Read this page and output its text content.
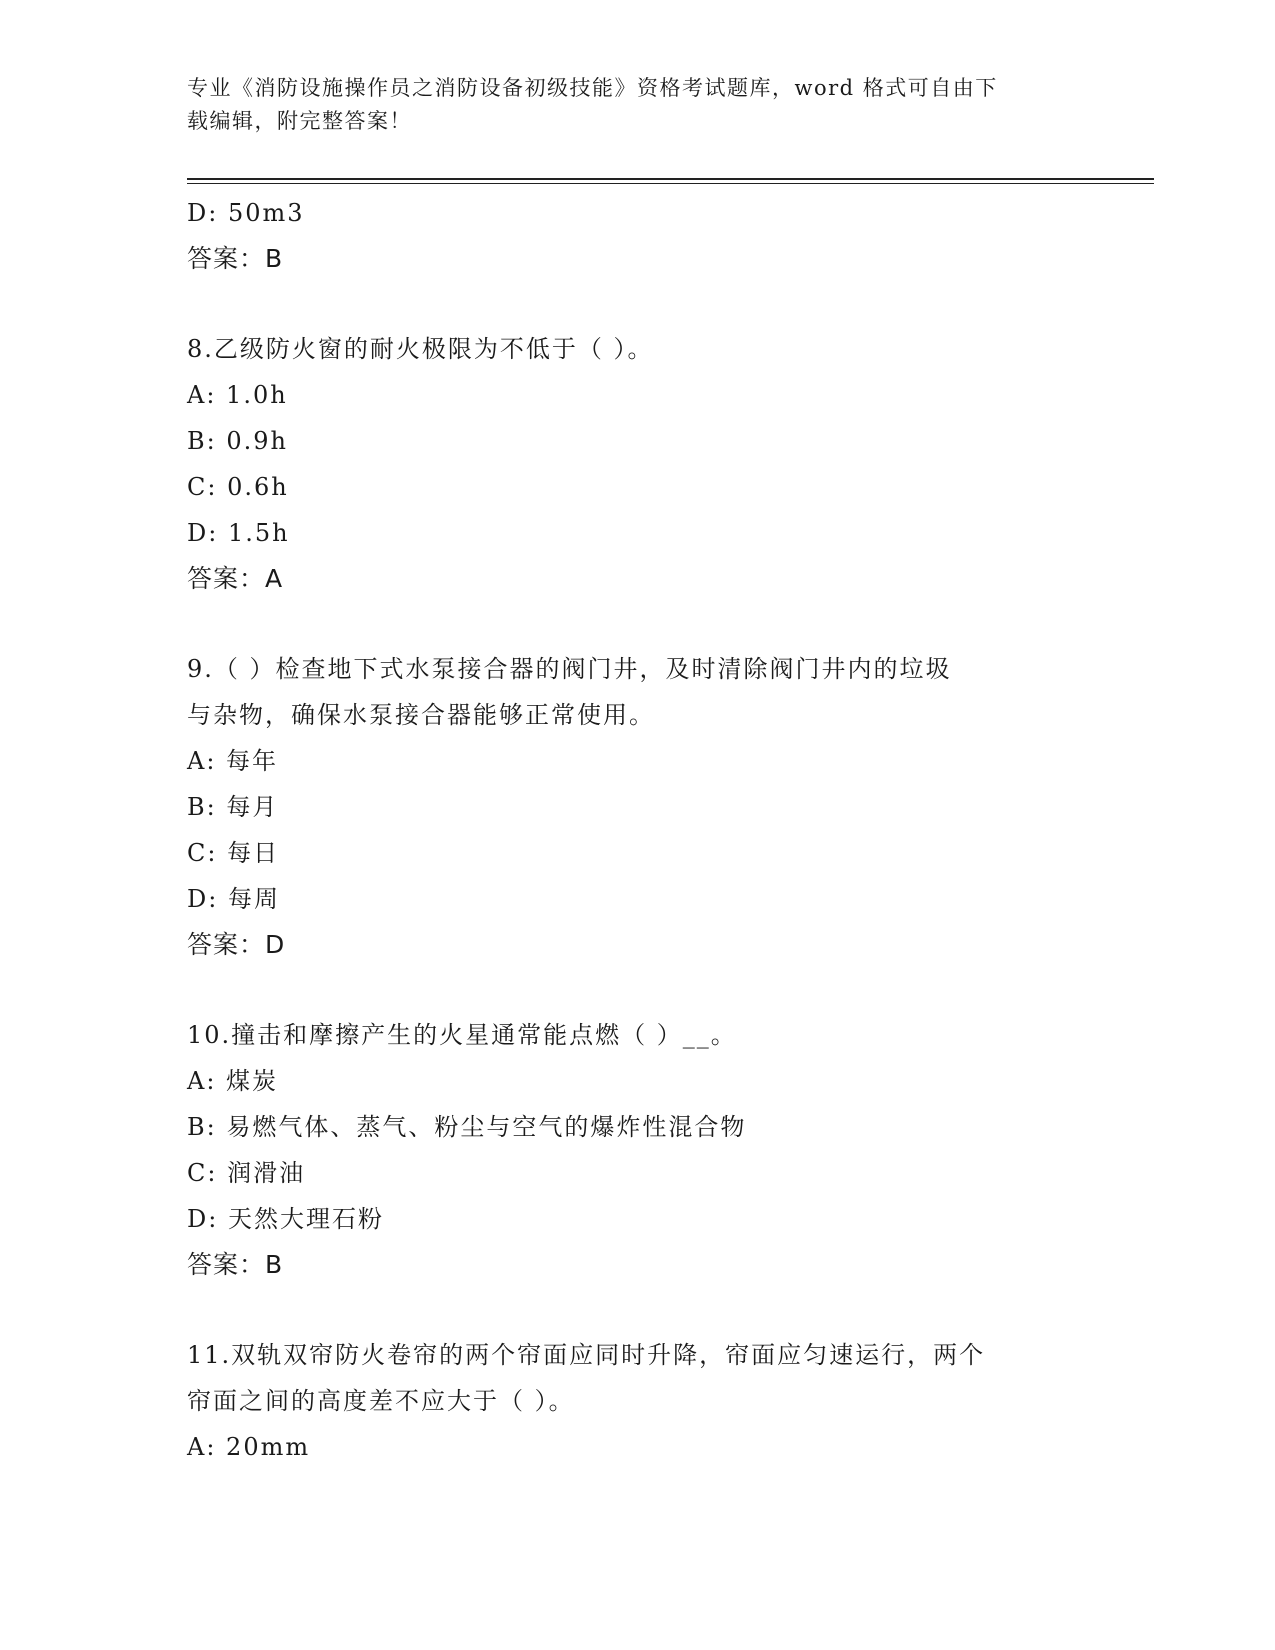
专业《消防设施操作员之消防设备初级技能》资格考试题库，word 格式可自由下
载编辑，附完整答案！
D: 50m3
答案：B
8.乙级防火窗的耐火极限为不低于（ ）。
A: 1.0h
B: 0.9h
C: 0.6h
D: 1.5h
答案：A
9.（ ）检查地下式水泵接合器的阀门井，及时清除阀门井内的垃圾
与杂物，确保水泵接合器能够正常使用。
A: 每年
B: 每月
C: 每日
D: 每周
答案：D
10.撞击和摩擦产生的火星通常能点燃（ ）__。
A: 煤炭
B: 易燃气体、蒸气、粉尘与空气的爆炸性混合物
C: 润滑油
D: 天然大理石粉
答案：B
11.双轨双帘防火卷帘的两个帘面应同时升降，帘面应匀速运行，两个
帘面之间的高度差不应大于（ ）。
A: 20mm
